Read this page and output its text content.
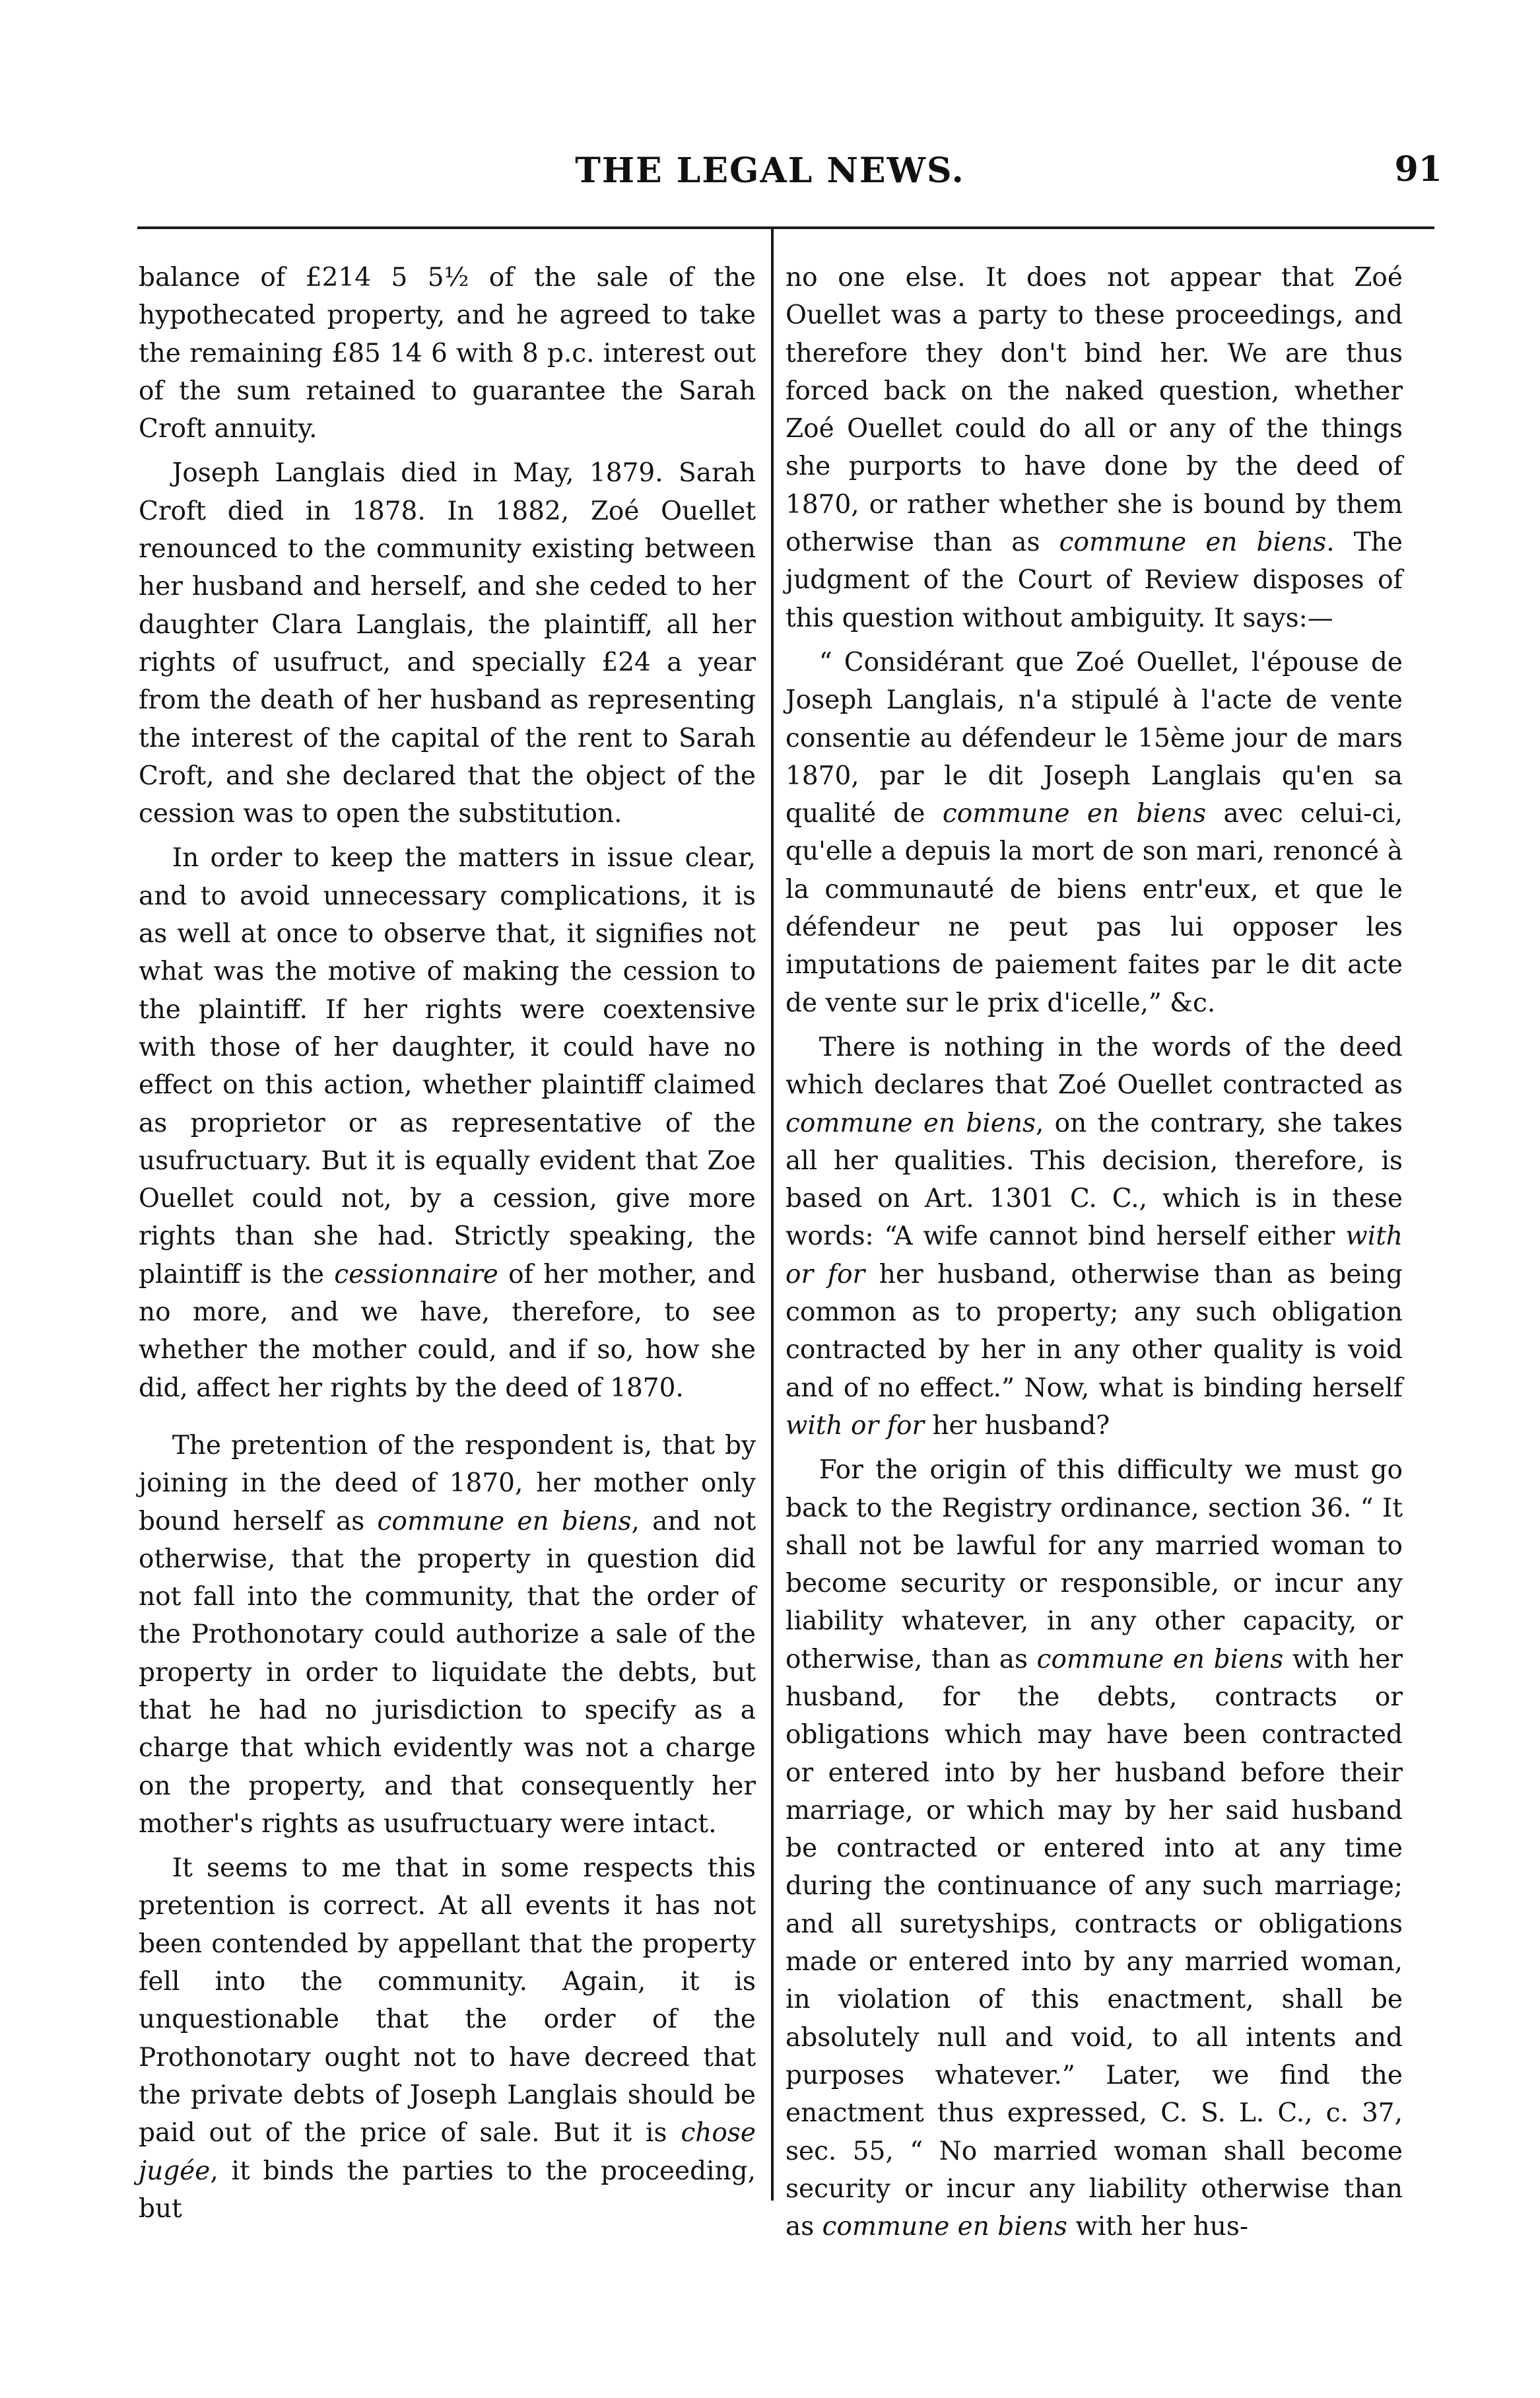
THE LEGAL NEWS.	91

balance of £214 5 5½ of the sale of the hypothecated property, and he agreed to take the remaining £85 14 6 with 8 p.c. interest out of the sum retained to guarantee the Sarah Croft annuity.

Joseph Langlais died in May, 1879. Sarah Croft died in 1878. In 1882, Zoé Ouellet renounced to the community existing between her husband and herself, and she ceded to her daughter Clara Langlais, the plaintiff, all her rights of usufruct, and specially £24 a year from the death of her husband as representing the interest of the capital of the rent to Sarah Croft, and she declared that the object of the cession was to open the substitution.

In order to keep the matters in issue clear, and to avoid unnecessary complications, it is as well at once to observe that, it signifies not what was the motive of making the cession to the plaintiff. If her rights were coextensive with those of her daughter, it could have no effect on this action, whether plaintiff claimed as proprietor or as representative of the usufructuary. But it is equally evident that Zoe Ouellet could not, by a cession, give more rights than she had. Strictly speaking, the plaintiff is the cessionnaire of her mother, and no more, and we have, therefore, to see whether the mother could, and if so, how she did, affect her rights by the deed of 1870.

The pretention of the respondent is, that by joining in the deed of 1870, her mother only bound herself as commune en biens, and not otherwise, that the property in question did not fall into the community, that the order of the Prothonotary could authorize a sale of the property in order to liquidate the debts, but that he had no jurisdiction to specify as a charge that which evidently was not a charge on the property, and that consequently her mother's rights as usufructuary were intact.

It seems to me that in some respects this pretention is correct. At all events it has not been contended by appellant that the property fell into the community. Again, it is unquestionable that the order of the Prothonotary ought not to have decreed that the private debts of Joseph Langlais should be paid out of the price of sale. But it is chose jugée, it binds the parties to the proceeding, but

no one else. It does not appear that Zoé Ouellet was a party to these proceedings, and therefore they don't bind her. We are thus forced back on the naked question, whether Zoé Ouellet could do all or any of the things she purports to have done by the deed of 1870, or rather whether she is bound by them otherwise than as commune en biens. The judgment of the Court of Review disposes of this question without ambiguity. It says:—

“ Considérant que Zoé Ouellet, l'épouse de Joseph Langlais, n'a stipulé à l'acte de vente consentie au défendeur le 15ème jour de mars 1870, par le dit Joseph Langlais qu'en sa qualité de commune en biens avec celui-ci, qu'elle a depuis la mort de son mari, renoncé à la communauté de biens entr'eux, et que le défendeur ne peut pas lui opposer les imputations de paiement faites par le dit acte de vente sur le prix d'icelle,” &c.

There is nothing in the words of the deed which declares that Zoé Ouellet contracted as commune en biens, on the contrary, she takes all her qualities. This decision, therefore, is based on Art. 1301 C. C., which is in these words: “A wife cannot bind herself either with or for her husband, otherwise than as being common as to property; any such obligation contracted by her in any other quality is void and of no effect.” Now, what is binding herself with or for her husband?

For the origin of this difficulty we must go back to the Registry ordinance, section 36. “ It shall not be lawful for any married woman to become security or responsible, or incur any liability whatever, in any other capacity, or otherwise, than as commune en biens with her husband, for the debts, contracts or obligations which may have been contracted or entered into by her husband before their marriage, or which may by her said husband be contracted or entered into at any time during the continuance of any such marriage; and all suretyships, contracts or obligations made or entered into by any married woman, in violation of this enactment, shall be absolutely null and void, to all intents and purposes whatever.” Later, we find the enactment thus expressed, C. S. L. C., c. 37, sec. 55, “ No married woman shall become security or incur any liability otherwise than as commune en biens with her hus-
